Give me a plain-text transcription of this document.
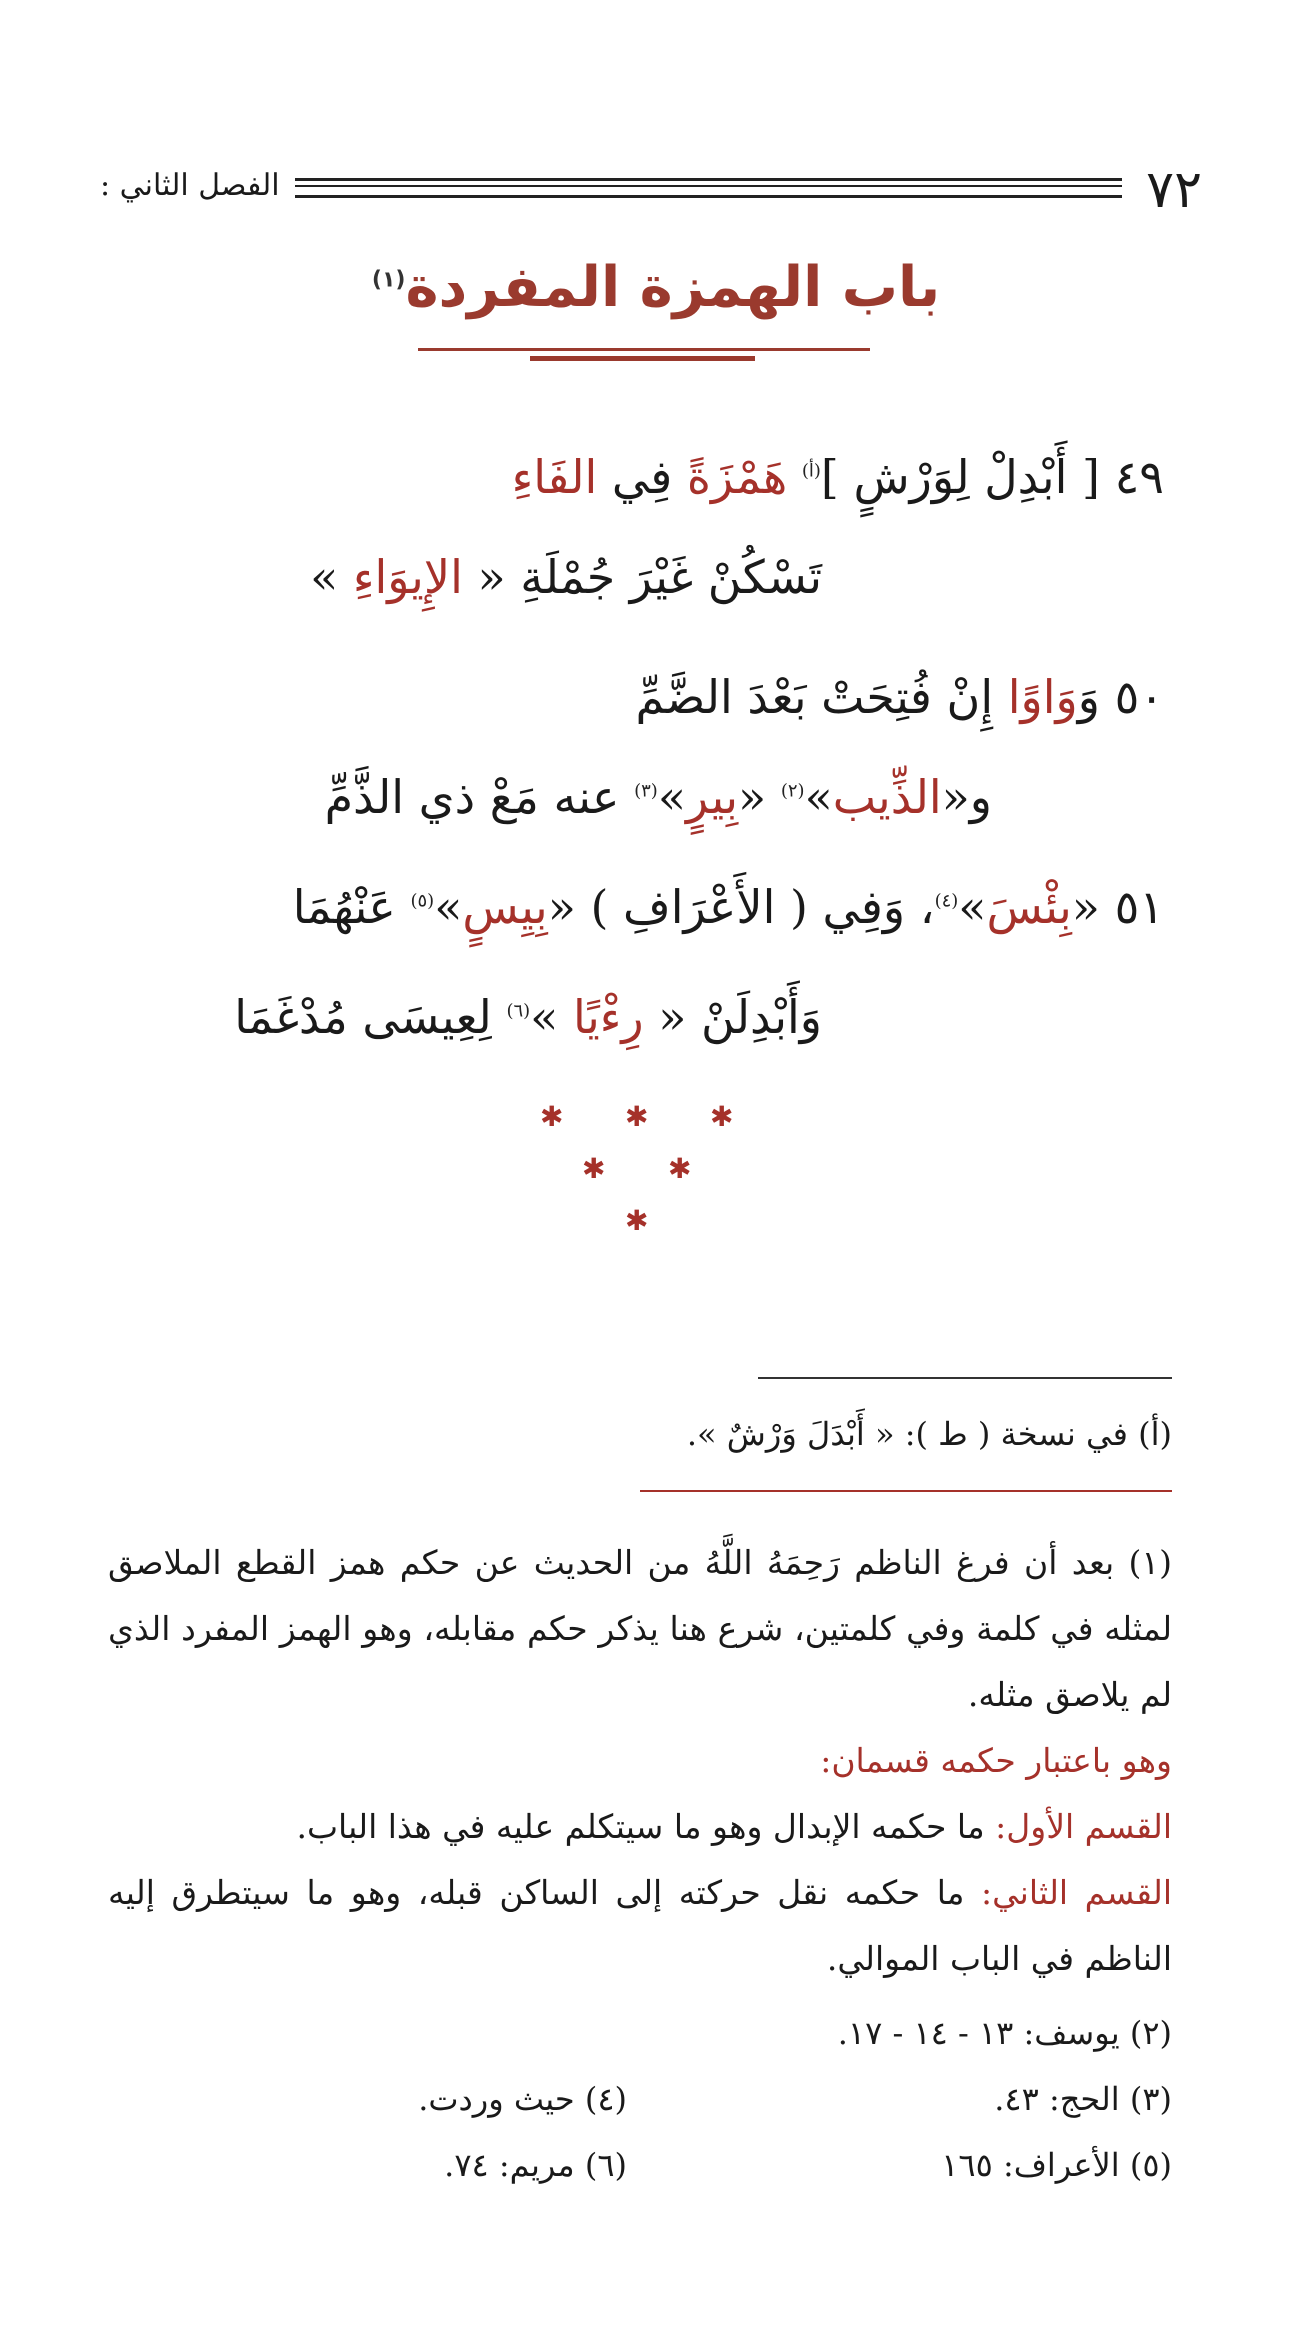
٧٢
الفصل الثاني :
باب الهمزة المفردة$^{(١)}$
٤٩ [ أَبْدِلْ لِوَرْشٍ ]$^{(أ)}$ هَمْزَةً فِي الفَاءِ
تَسْكُنْ غَيْرَ جُمْلَةِ « الإِيوَاءِ »
٥٠ وَوَاوًا إِنْ فُتِحَتْ بَعْدَ الضَّمِّ
و«الذِّيب»$^{(٢)}$ «بِيرٍ»$^{(٣)}$ عنه مَعْ ذي الذَّمِّ
٥١ «بِئْسَ»$^{(٤)}$، وَفِي ( الأَعْرَافِ ) «بِيِسٍ»$^{(٥)}$ عَنْهُمَا
وَأَبْدِلَنْ « رِءْيًا »$^{(٦)}$ لِعِيسَى مُدْغَمَا
✱ ✱ ✱
✱ ✱
✱
(أ) في نسخة ( ط ): « أَبْدَلَ وَرْشٌ ».

(١) بعد أن فرغ الناظم رَحِمَهُ اللَّهُ من الحديث عن حكم همز القطع الملاصق لمثله في كلمة وفي كلمتين، شرع هنا يذكر حكم مقابله، وهو الهمز المفرد الذي لم يلاصق مثله.

وهو باعتبار حكمه قسمان:

القسم الأول: ما حكمه الإبدال وهو ما سيتكلم عليه في هذا الباب.

القسم الثاني: ما حكمه نقل حركته إلى الساكن قبله، وهو ما سيتطرق إليه الناظم في الباب الموالي.

(٢) يوسف: ١٣ - ١٤ - ١٧.
(٣) الحج: ٤٣.
(٤) حيث وردت.
(٥) الأعراف: ١٦٥
(٦) مريم: ٧٤.
